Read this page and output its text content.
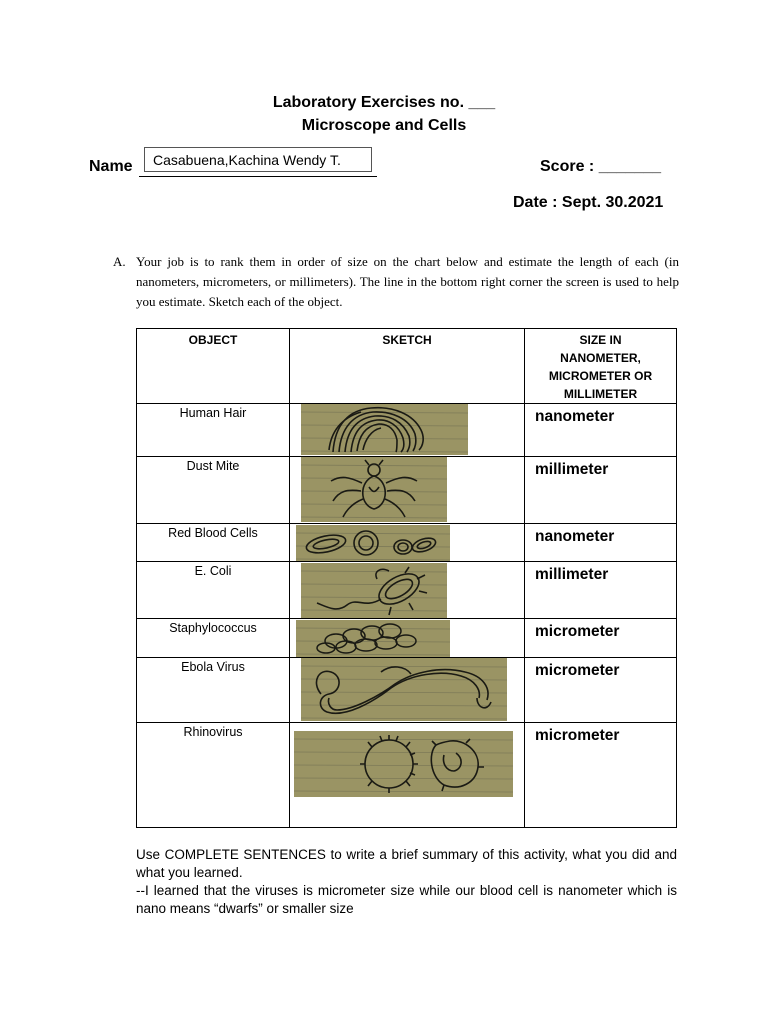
Laboratory Exercises no. ___
Microscope and Cells
Name	Casabuena,Kachina Wendy T.	Score : _______
Date : Sept. 30.2021
A. Your job is to rank them in order of size on the chart below and estimate the length of each (in nanometers, micrometers, or millimeters). The line in the bottom right corner the screen is used to help you estimate. Sketch each of the object.
OBJECT	SKETCH	SIZE IN NANOMETER, MICROMETER OR MILLIMETER
Human Hair		nanometer
Dust Mite		millimeter
Red Blood Cells		nanometer
E. Coli		millimeter
Staphylococcus		micrometer
Ebola Virus		micrometer
Rhinovirus		micrometer

Use COMPLETE SENTENCES to write a brief summary of this activity, what you did and what you learned.

--I learned that the viruses is micrometer size while our blood cell is nanometer which is nano means “dwarfs” or smaller size
